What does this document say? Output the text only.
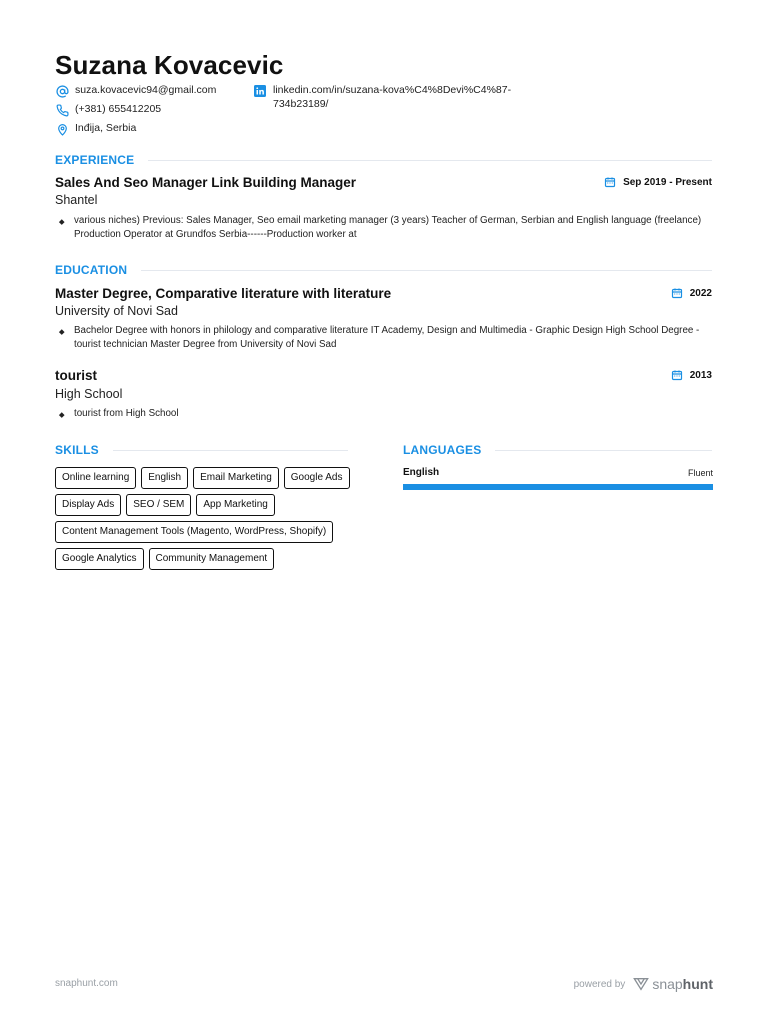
Suzana Kovacevic
suza.kovacevic94@gmail.com
(+381) 655412205
Inđija, Serbia
linkedin.com/in/suzana-kova%C4%8Devi%C4%87-734b23189/
EXPERIENCE
Sales And Seo Manager Link Building Manager	Sep 2019 - Present
Shantel
various niches) Previous: Sales Manager, Seo email marketing manager (3 years) Teacher of German, Serbian and English language (freelance) Production Operator at Grundfos Serbia------Production worker at
EDUCATION
Master Degree, Comparative literature with literature	2022
University of Novi Sad
Bachelor Degree with honors in philology and comparative literature IT Academy, Design and Multimedia - Graphic Design High School Degree - tourist technician Master Degree from University of Novi Sad
tourist	2013
High School
tourist from High School
SKILLS
Online learning	English	Email Marketing	Google Ads
Display Ads	SEO / SEM	App Marketing
Content Management Tools (Magento, WordPress, Shopify)
Google Analytics	Community Management
LANGUAGES
English	Fluent
snaphunt.com	powered by snap hunt
